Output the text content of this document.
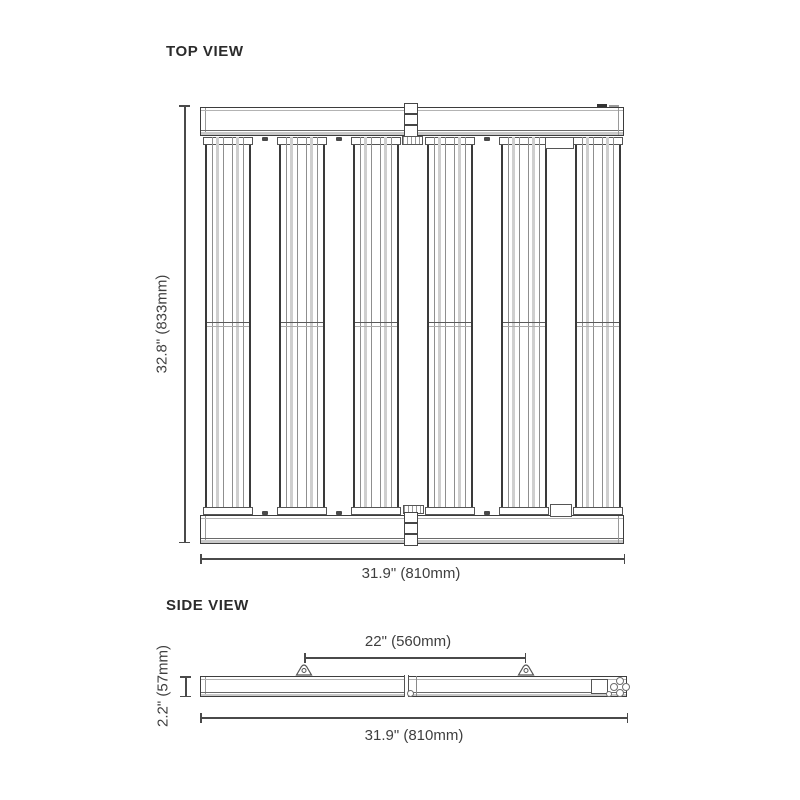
TOP VIEW
32.8" (833mm)
31.9" (810mm)
SIDE VIEW
22" (560mm)
2.2" (57mm)
31.9" (810mm)
